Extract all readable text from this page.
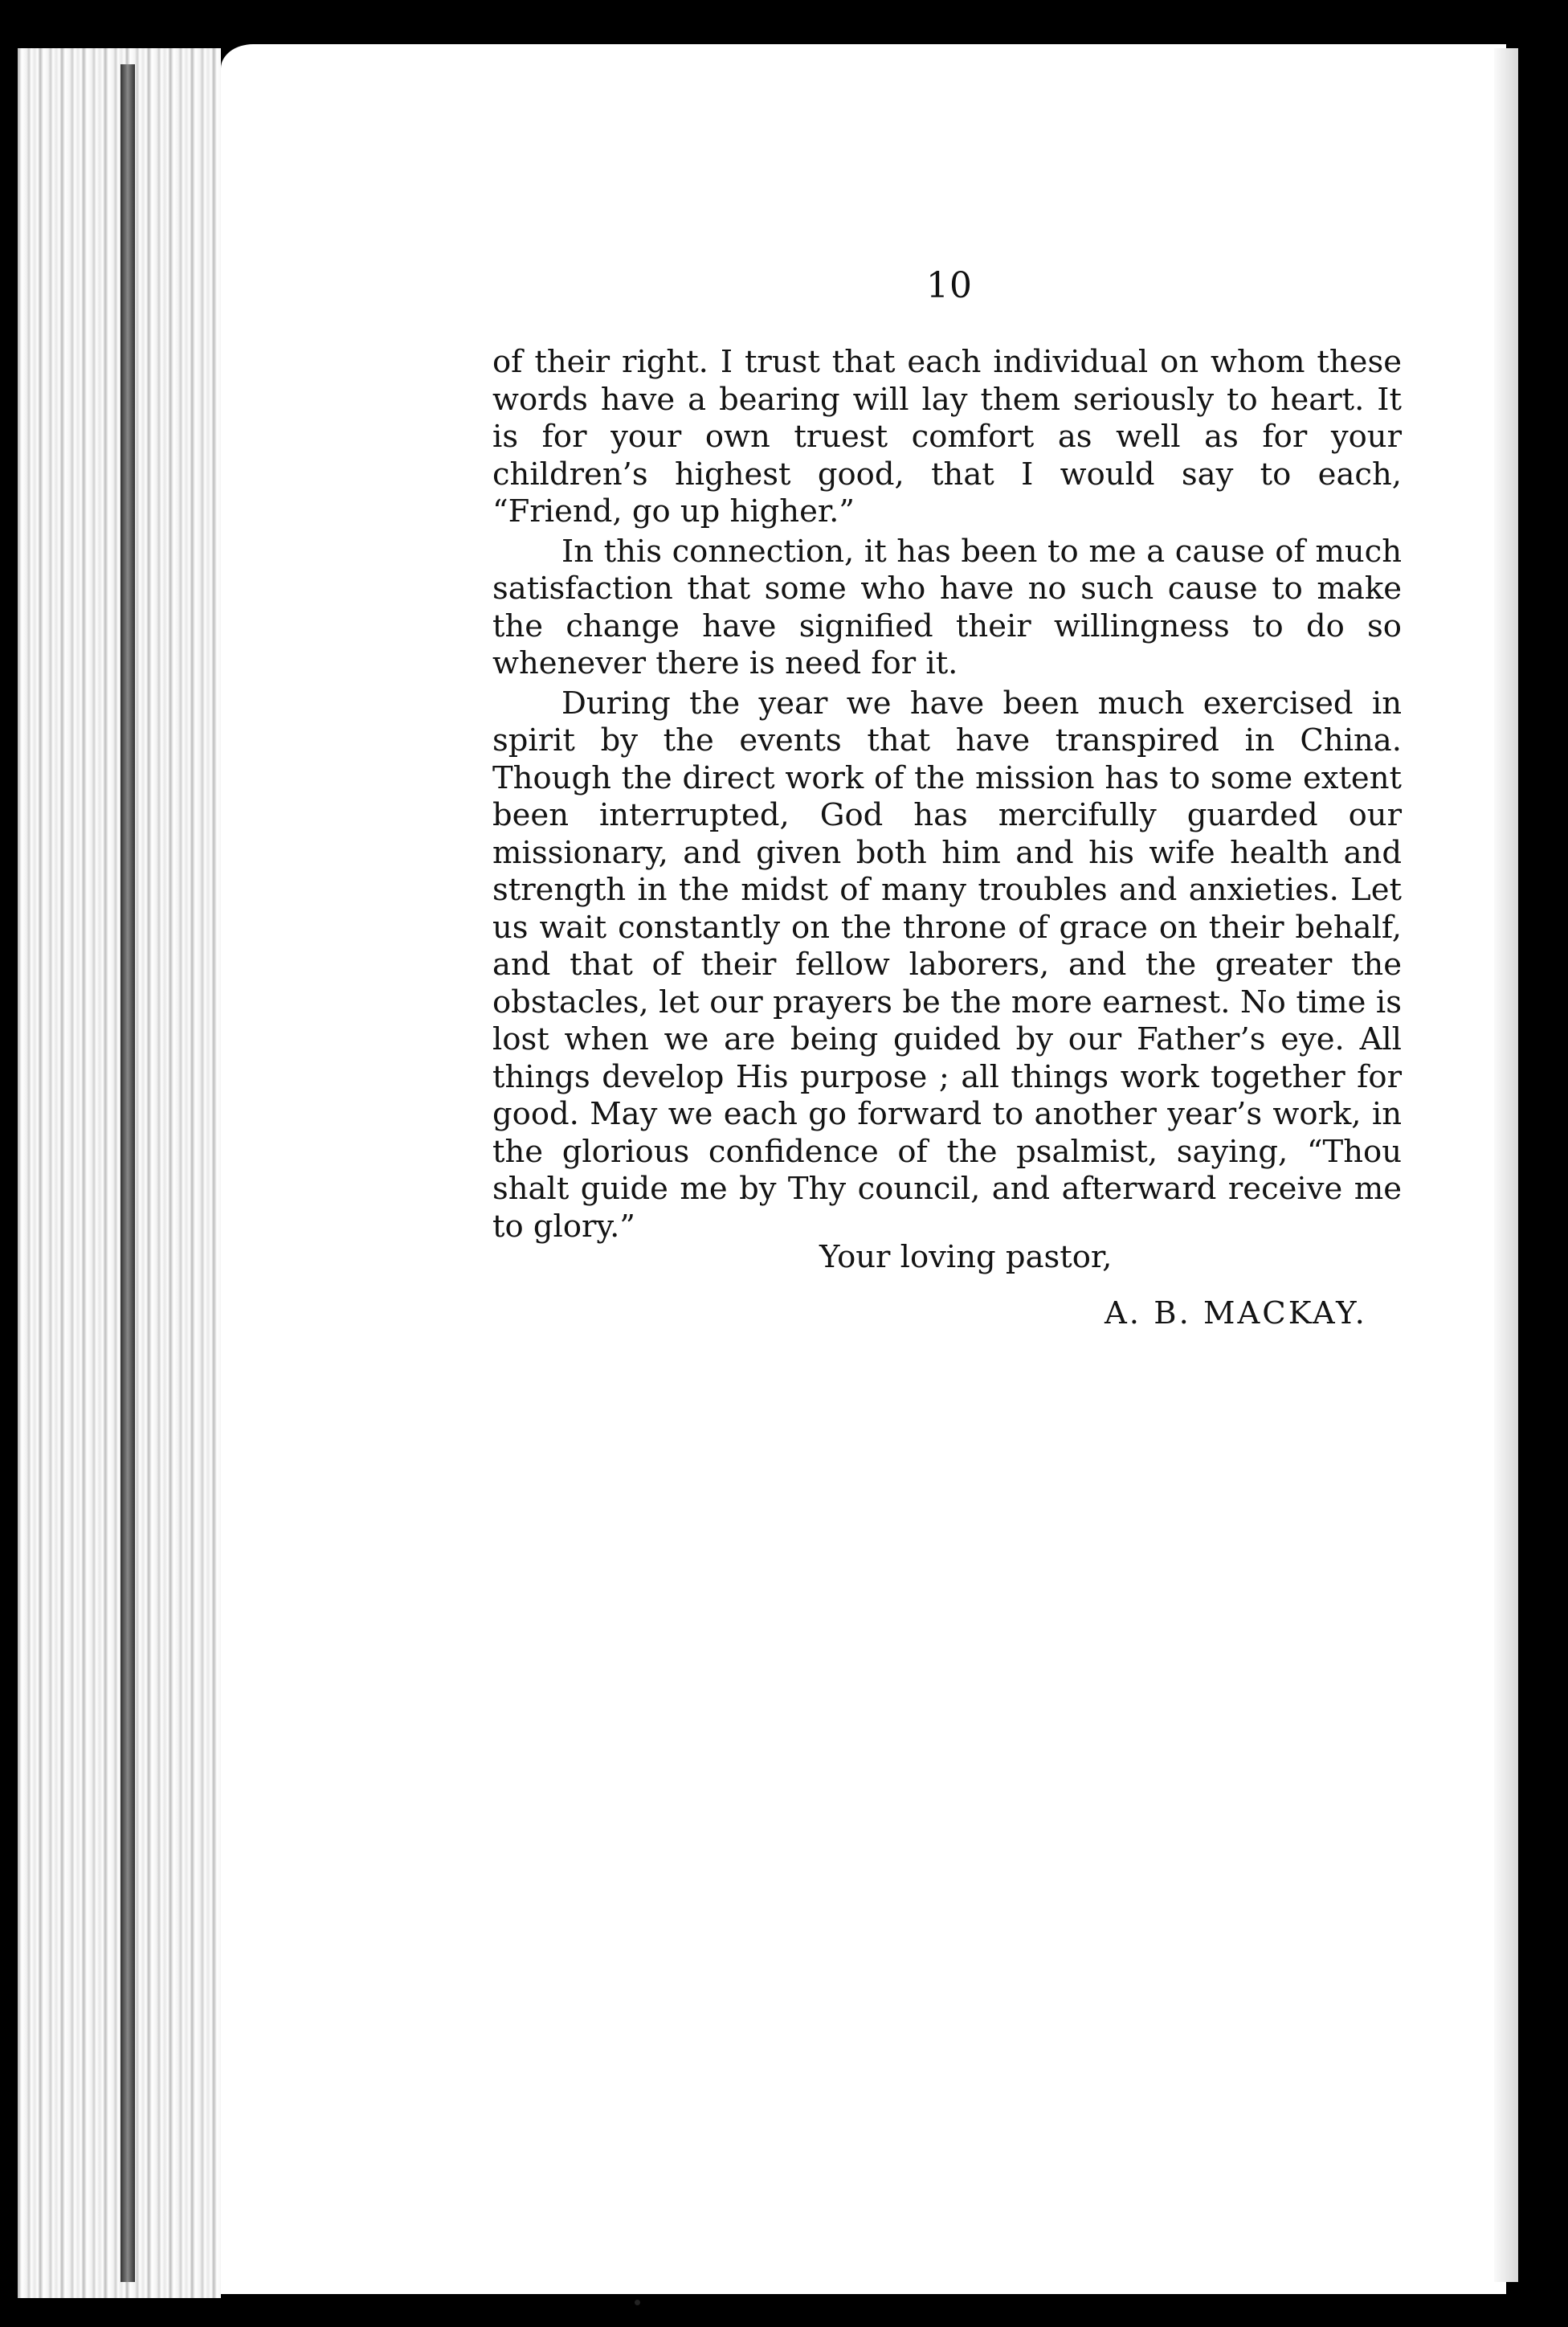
10

of their right. I trust that each individual on whom these words have a bearing will lay them seriously to heart. It is for your own truest comfort as well as for your children’s highest good, that I would say to each, “Friend, go up higher.”

In this connection, it has been to me a cause of much satisfaction that some who have no such cause to make the change have signified their willingness to do so whenever there is need for it.

During the year we have been much exercised in spirit by the events that have transpired in China. Though the direct work of the mission has to some extent been interrupted, God has mercifully guarded our missionary, and given both him and his wife health and strength in the midst of many troubles and anxieties. Let us wait constantly on the throne of grace on their behalf, and that of their fellow laborers, and the greater the obstacles, let our prayers be the more earnest. No time is lost when we are being guided by our Father’s eye. All things develop His purpose ; all things work together for good. May we each go forward to another year’s work, in the glorious confidence of the psalmist, saying, “Thou shalt guide me by Thy council, and afterward receive me to glory.”

Your loving pastor,
A. B. MACKAY.
